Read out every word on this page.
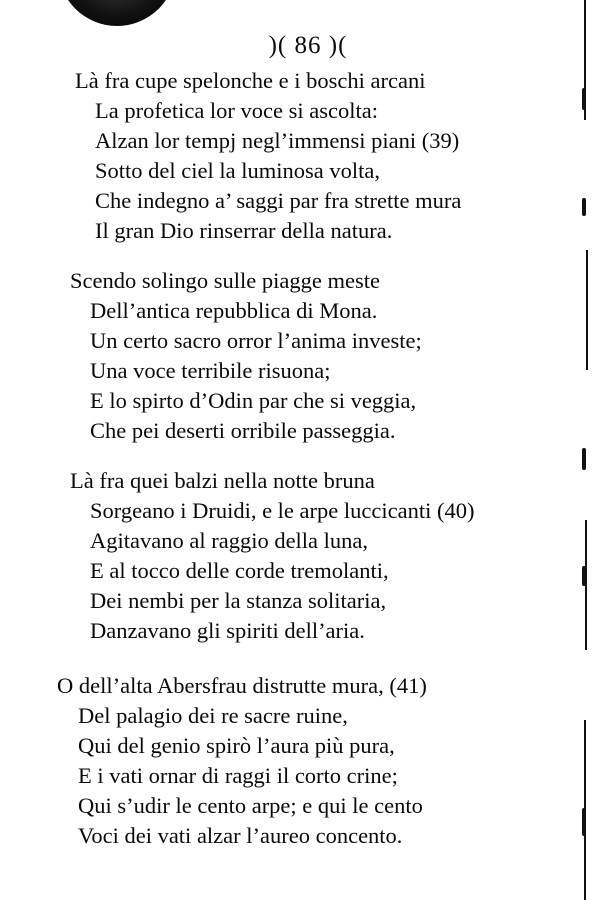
)( 86 )(
Là fra cupe spelonche e i boschi arcani
La profetica lor voce si ascolta:
Alzan lor tempj negl’immensi piani (39)
Sotto del ciel la luminosa volta,
Che indegno a’ saggi par fra strette mura
Il gran Dio rinserrar della natura.
Scendo solingo sulle piagge meste
Dell’antica repubblica di Mona.
Un certo sacro orror l’anima investe;
Una voce terribile risuona;
E lo spirto d’Odin par che si veggia,
Che pei deserti orribile passeggia.
Là fra quei balzi nella notte bruna
Sorgeano i Druidi, e le arpe luccicanti (40)
Agitavano al raggio della luna,
E al tocco delle corde tremolanti,
Dei nembi per la stanza solitaria,
Danzavano gli spiriti dell’aria.
O dell’alta Abersfrau distrutte mura, (41)
Del palagio dei re sacre ruine,
Qui del genio spirò l’aura più pura,
E i vati ornar di raggi il corto crine;
Qui s’udir le cento arpe; e qui le cento
Voci dei vati alzar l’aureo concento.
